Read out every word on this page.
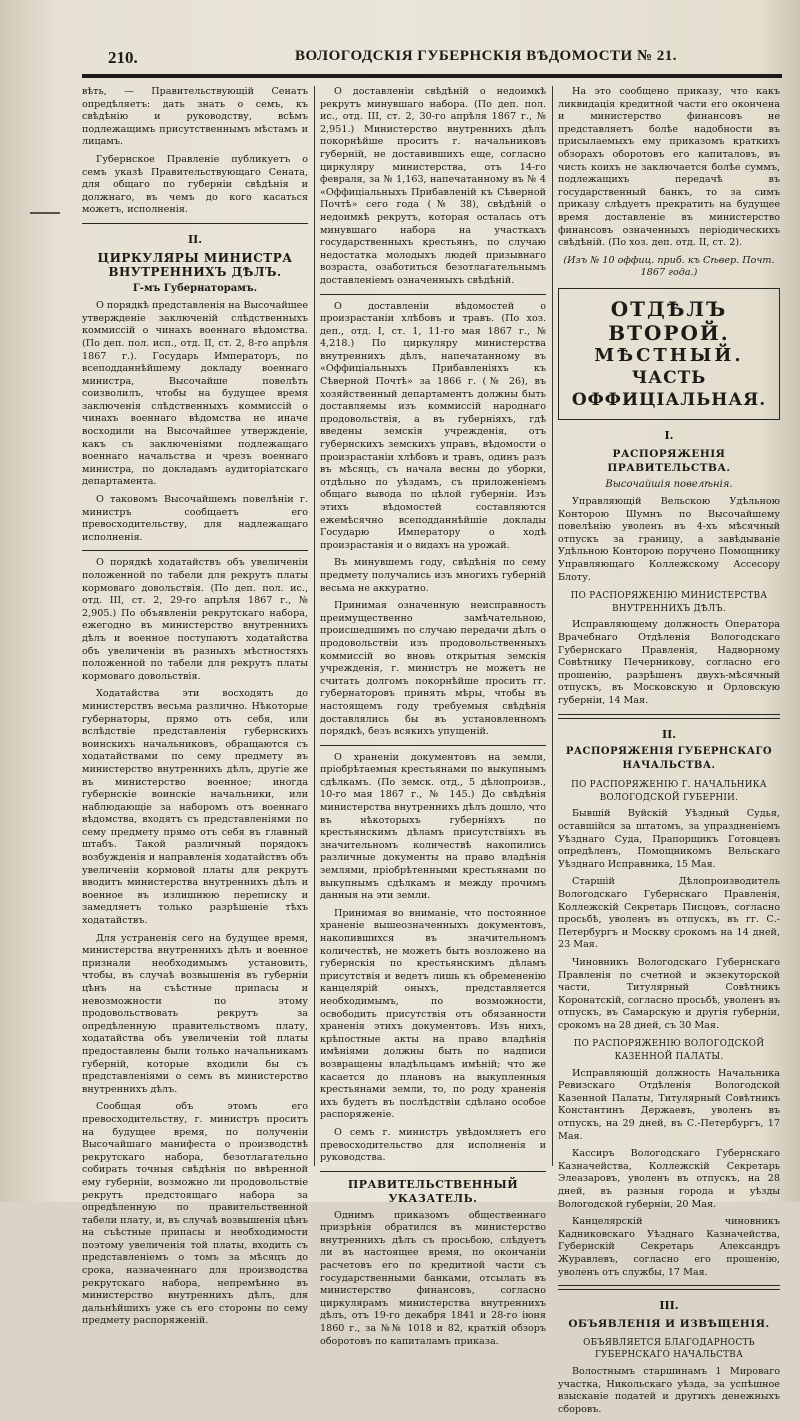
210.	ВОЛОГОДСКІЯ ГУБЕРНСКІЯ ВѢДОМОСТИ № 21.

вѣть, — Правительствующій Сенатъ опредѣляетъ: дать знать о семъ, къ свѣдѣнію и руководству, всѣмъ подлежащимъ присутственнымъ мѣстамъ и лицамъ.

Губернское Правленіе публикуетъ о семъ указѣ Правительствующаго Сената, для общаго по губерніи свѣдѣнія и должнаго, въ чемъ до кого касаться можетъ, исполненія.

II.
ЦИРКУЛЯРЫ МИНИСТРА ВНУТРЕННИХЪ ДѢЛЪ.
Г-мъ Губернаторамъ.

О порядкѣ представленія на Высочайшее утвержденіе заключеній слѣдственныхъ коммиссій о чинахъ военнаго вѣдомства. (По деп. пол. исп., отд. II, ст. 2, 8-го апрѣля 1867 г.). Государь Императоръ, по всеподданнѣйшему докладу военнаго министра, Высочайше повелѣть соизволилъ, чтобы на будущее время заключенія слѣдственныхъ коммиссій о чинахъ военнаго вѣдомства не иначе восходили на Высочайшее утвержденіе, какъ съ заключеніями подлежащаго военнаго начальства и чрезъ военнаго министра, по докладамъ аудиторіатскаго департамента.

О таковомъ Высочайшемъ повелѣніи г. министръ сообщаетъ его превосходительству, для надлежащаго исполненія.

О порядкѣ ходатайствъ объ увеличеніи положенной по табели для рекрутъ платы кормоваго довольствія. (По деп. пол. ис., отд. III, ст. 2, 29-го апрѣля 1867 г., № 2,905.) По объявленіи рекрутскаго набора, ежегодно въ министерство внутреннихъ дѣлъ и военное поступаютъ ходатайства объ увеличеніи въ разныхъ мѣстностяхъ положенной по табели для рекрутъ платы кормоваго довольствія.

Ходатайства эти восходятъ до министерствъ весьма различно. Нѣкоторые губернаторы, прямо отъ себя, или вслѣдствіе представленія губернскихъ воинскихъ начальниковъ, обращаются съ ходатайствами по сему предмету въ министерство внутреннихъ дѣлъ, другіе же въ министерство военное; иногда губернскіе воинскіе начальники, или наблюдающіе за наборомъ отъ военнаго вѣдомства, входятъ съ представленіями по сему предмету прямо отъ себя въ главный штабъ. Такой различный порядокъ возбужденія и направленія ходатайствъ объ увеличеніи кормовой платы для рекрутъ вводитъ министерства внутреннихъ дѣлъ и военное въ излишнюю переписку и замедляетъ только разрѣшеніе тѣхъ ходатайствъ.

Для устраненія сего на будущее время, министерства внутреннихъ дѣлъ и военное признали необходимымъ установить, чтобы, въ случаѣ возвышенія въ губерніи цѣнъ на съѣстные припасы и невозможности по этому продовольствовать рекрутъ за опредѣленную правительствомъ плату, ходатайства объ увеличеніи той платы предоставлены были только начальникамъ губерній, которые входили бы съ представленіями о семъ въ министерство внутреннихъ дѣлъ.

Сообщая объ этомъ его превосходительству, г. министръ проситъ на будущее время, по полученіи Высочайшаго манифеста о производствѣ рекрутскаго набора, безотлагательно собирать точныя свѣдѣнія по ввѣренной ему губерніи, возможно ли продовольствіе рекрутъ предстоящаго набора за опредѣленную по правительственной табели плату, и, въ случаѣ возвышенія цѣнъ на съѣстные припасы и необходимости поэтому увеличенія той платы, входить съ представленіемъ о томъ за мѣсяцъ до срока, назначеннаго для производства рекрутскаго набора, непремѣнно въ министерство внутреннихъ дѣлъ, для дальнѣйшихъ уже съ его стороны по сему предмету распоряженій.

О доставленіи свѣдѣній о недоимкѣ рекрутъ минувшаго набора. (По деп. пол. ис., отд. III, ст. 2, 30-го апрѣля 1867 г., № 2,951.) Министерство внутреннихъ дѣлъ покорнѣйше проситъ г. начальниковъ губерній, не доставившихъ еще, согласно циркуляру министерства, отъ 14-го февраля, за № 1,163, напечатанному въ № 4 «Оффиціальныхъ Прибавленій къ Сѣверной Почтѣ» сего года (№ 38), свѣдѣній о недоимкѣ рекрутъ, которая осталась отъ минувшаго набора на участкахъ государственныхъ крестьянъ, по случаю недостатка молодыхъ людей призывнаго возраста, озаботиться безотлагательнымъ доставленіемъ означенныхъ свѣдѣній.

О доставленіи вѣдомостей о произрастаніи хлѣбовъ и травъ. (По хоз. деп., отд. I, ст. 1, 11-го мая 1867 г., № 4,218.) По циркуляру министерства внутреннихъ дѣлъ, напечатанному въ «Оффиціальныхъ Прибавленіяхъ къ Сѣверной Почтѣ» за 1866 г. (№ 26), въ хозяйственный департаментъ должны быть доставляемы изъ коммиссій народнаго продовольствія, а въ губерніяхъ, гдѣ введены земскія учрежденія, отъ губернскихъ земскихъ управъ, вѣдомости о произрастаніи хлѣбовъ и травъ, одинъ разъ въ мѣсяцъ, съ начала весны до уборки, отдѣльно по уѣздамъ, съ приложеніемъ общаго вывода по цѣлой губерніи. Изъ этихъ вѣдомостей составляются ежемѣсячно всеподданнѣйшіе доклады Государю Императору о ходѣ произрастанія и о видахъ на урожай.

Въ минувшемъ году, свѣдѣнія по сему предмету получались изъ многихъ губерній весьма не аккуратно.

Принимая означенную неисправность преимущественно замѣчательною, происшедшимъ по случаю передачи дѣлъ о продовольствіи изъ продовольственныхъ коммиссій во вновь открытыя земскія учрежденія, г. министръ не можетъ не считать долгомъ покорнѣйше просить гг. губернаторовъ принять мѣры, чтобы въ настоящемъ году требуемыя свѣдѣнія доставлялись бы въ установленномъ порядкѣ, безъ всякихъ упущеній.

О храненіи документовъ на земли, пріобрѣтаемыя крестьянами по выкупнымъ сдѣлкамъ. (По земск. отд., 5 дѣлопроизв., 10-го мая 1867 г., № 145.) До свѣдѣнія министерства внутреннихъ дѣлъ дошло, что въ нѣкоторыхъ губерніяхъ по крестьянскимъ дѣламъ присутствіяхъ въ значительномъ количествѣ накопились различные документы на право владѣнія землями, пріобрѣтенными крестьянами по выкупнымъ сдѣлкамъ и между прочимъ данныя на эти земли.

Принимая во вниманіе, что постоянное храненіе вышеозначенныхъ документовъ, накопившихся въ значительномъ количествѣ, не можетъ быть возложено на губернскія по крестьянскимъ дѣламъ присутствія и ведетъ лишь къ обремененію канцелярій оныхъ, представляется необходимымъ, по возможности, освободить присутствія отъ обязанности храненія этихъ документовъ. Изъ нихъ, крѣпостные акты на право владѣнія имѣніями должны быть по надписи возвращены владѣльцамъ имѣній; что же касается до плановъ на выкупленныя крестьянами земли, то, по роду храненія ихъ будетъ въ послѣдствіи сдѣлано особое распоряженіе.

О семъ г. министръ увѣдомляетъ его превосходительство для исполненія и руководства.

ПРАВИТЕЛЬСТВЕННЫЙ УКАЗАТЕЛЬ.

Однимъ приказомъ общественнаго призрѣнія обратился въ министерство внутреннихъ дѣлъ съ просьбою, слѣдуетъ ли въ настоящее время, по окончаніи расчетовъ его по кредитной части съ государственными банками, отсылать въ министерство финансовъ, согласно циркулярамъ министерства внутреннихъ дѣлъ, отъ 19-го декабря 1841 и 28-го іюня 1860 г., за №№ 1018 и 82, краткій обзоръ оборотовъ по капиталамъ приказа.

На это сообщено приказу, что какъ ликвидація кредитной части его окончена и министерство финансовъ не представляетъ болѣе надобности въ присылаемыхъ ему приказомъ краткихъ обзорахъ оборотовъ его капиталовъ, въ чисть коихъ не заключается болѣе суммъ, подлежащихъ передачѣ въ государственный банкъ, то за симъ приказу слѣдуетъ прекратить на будущее время доставленіе въ министерство финансовъ означенныхъ періодическихъ свѣдѣній. (По хоз. деп. отд. II, ст. 2).

(Изъ № 10 оффиц. приб. къ Сѣвер. Почт. 1867 года.)
ОТДѢЛЪ ВТОРОЙ.
МѢСТНЫЙ.
ЧАСТЬ ОФФИЦІАЛЬНАЯ.
I.
РАСПОРЯЖЕНІЯ ПРАВИТЕЛЬСТВА.
Высочайшія повелѣнія.

Управляющій Вельскою Удѣльною Конторою Шумнъ по Высочайшему повелѣнію уволенъ въ 4-хъ мѣсячный отпускъ за границу, а завѣдываніе Удѣльною Конторою поручено Помощнику Управляющаго Коллежскому Ассесору Блоту.

ПО РАСПОРЯЖЕНІЮ МИНИСТЕРСТВА ВНУТРЕННИХЪ ДѢЛЪ.

Исправляющему должность Оператора Врачебнаго Отдѣленія Вологодскаго Губернскаго Правленія, Надворному Совѣтнику Печерникову, согласно его прошенію, разрѣшенъ двухъ-мѣсячный отпускъ, въ Московскую и Орловскую губерніи, 14 Мая.

II.
РАСПОРЯЖЕНІЯ ГУБЕРНСКАГО НАЧАЛЬСТВА.
ПО РАСПОРЯЖЕНІЮ Г. НАЧАЛЬНИКА ВОЛОГОДСКОЙ ГУБЕРНІИ.

Бывшій Вуйскій Уѣздный Судья, оставшійся за штатомъ, за упраздненіемъ Уѣзднаго Суда, Прапорщикъ Готовцевъ опредѣленъ, Помощникомъ Вельскаго Уѣзднаго Исправника, 15 Мая.

Старшій Дѣлопроизводитель Вологодскаго Губернскаго Правленія, Коллежскій Секретарь Писцовъ, согласно просьбѣ, уволенъ въ отпускъ, въ гг. С.-Петербургъ и Москву срокомъ на 14 дней, 23 Мая.

Чиновникъ Вологодскаго Губернскаго Правленія по счетной и экзекуторской части, Титулярный Совѣтникъ Коронатскій, согласно просьбѣ, уволенъ въ отпускъ, въ Самарскую и другія губерніи, срокомъ на 28 дней, съ 30 Мая.

ПО РАСПОРЯЖЕНІЮ ВОЛОГОДСКОЙ КАЗЕННОЙ ПАЛАТЫ.

Исправляющій должность Начальника Ревизскаго Отдѣленія Вологодской Казенной Палаты, Титулярный Совѣтникъ Константинъ Держаевъ, уволенъ въ отпускъ, на 29 дней, въ С.-Петербургъ, 17 Мая.

Кассиръ Вологодскаго Губернскаго Казначейства, Коллежскій Секретарь Элеазаровъ, уволенъ въ отпускъ, на 28 дней, въ разныя города и уѣзды Вологодской губерніи, 20 Мая.

Канцелярскій чиновникъ Кадниковскаго Уѣзднаго Казначейства, Губернскій Секретарь Александръ Журавлевъ, согласно его прошенію, уволенъ отъ службы, 17 Мая.

III.
ОБЪЯВЛЕНІЯ И ИЗВѢЩЕНІЯ.
ОБЪЯВЛЯЕТСЯ БЛАГОДАРНОСТЬ ГУБЕРНСКАГО НАЧАЛЬСТВА

Волостнымъ старшинамъ 1 Мироваго участка, Никольскаго уѣзда, за успѣшное взысканіе податей и другихъ денежныхъ сборовъ.
